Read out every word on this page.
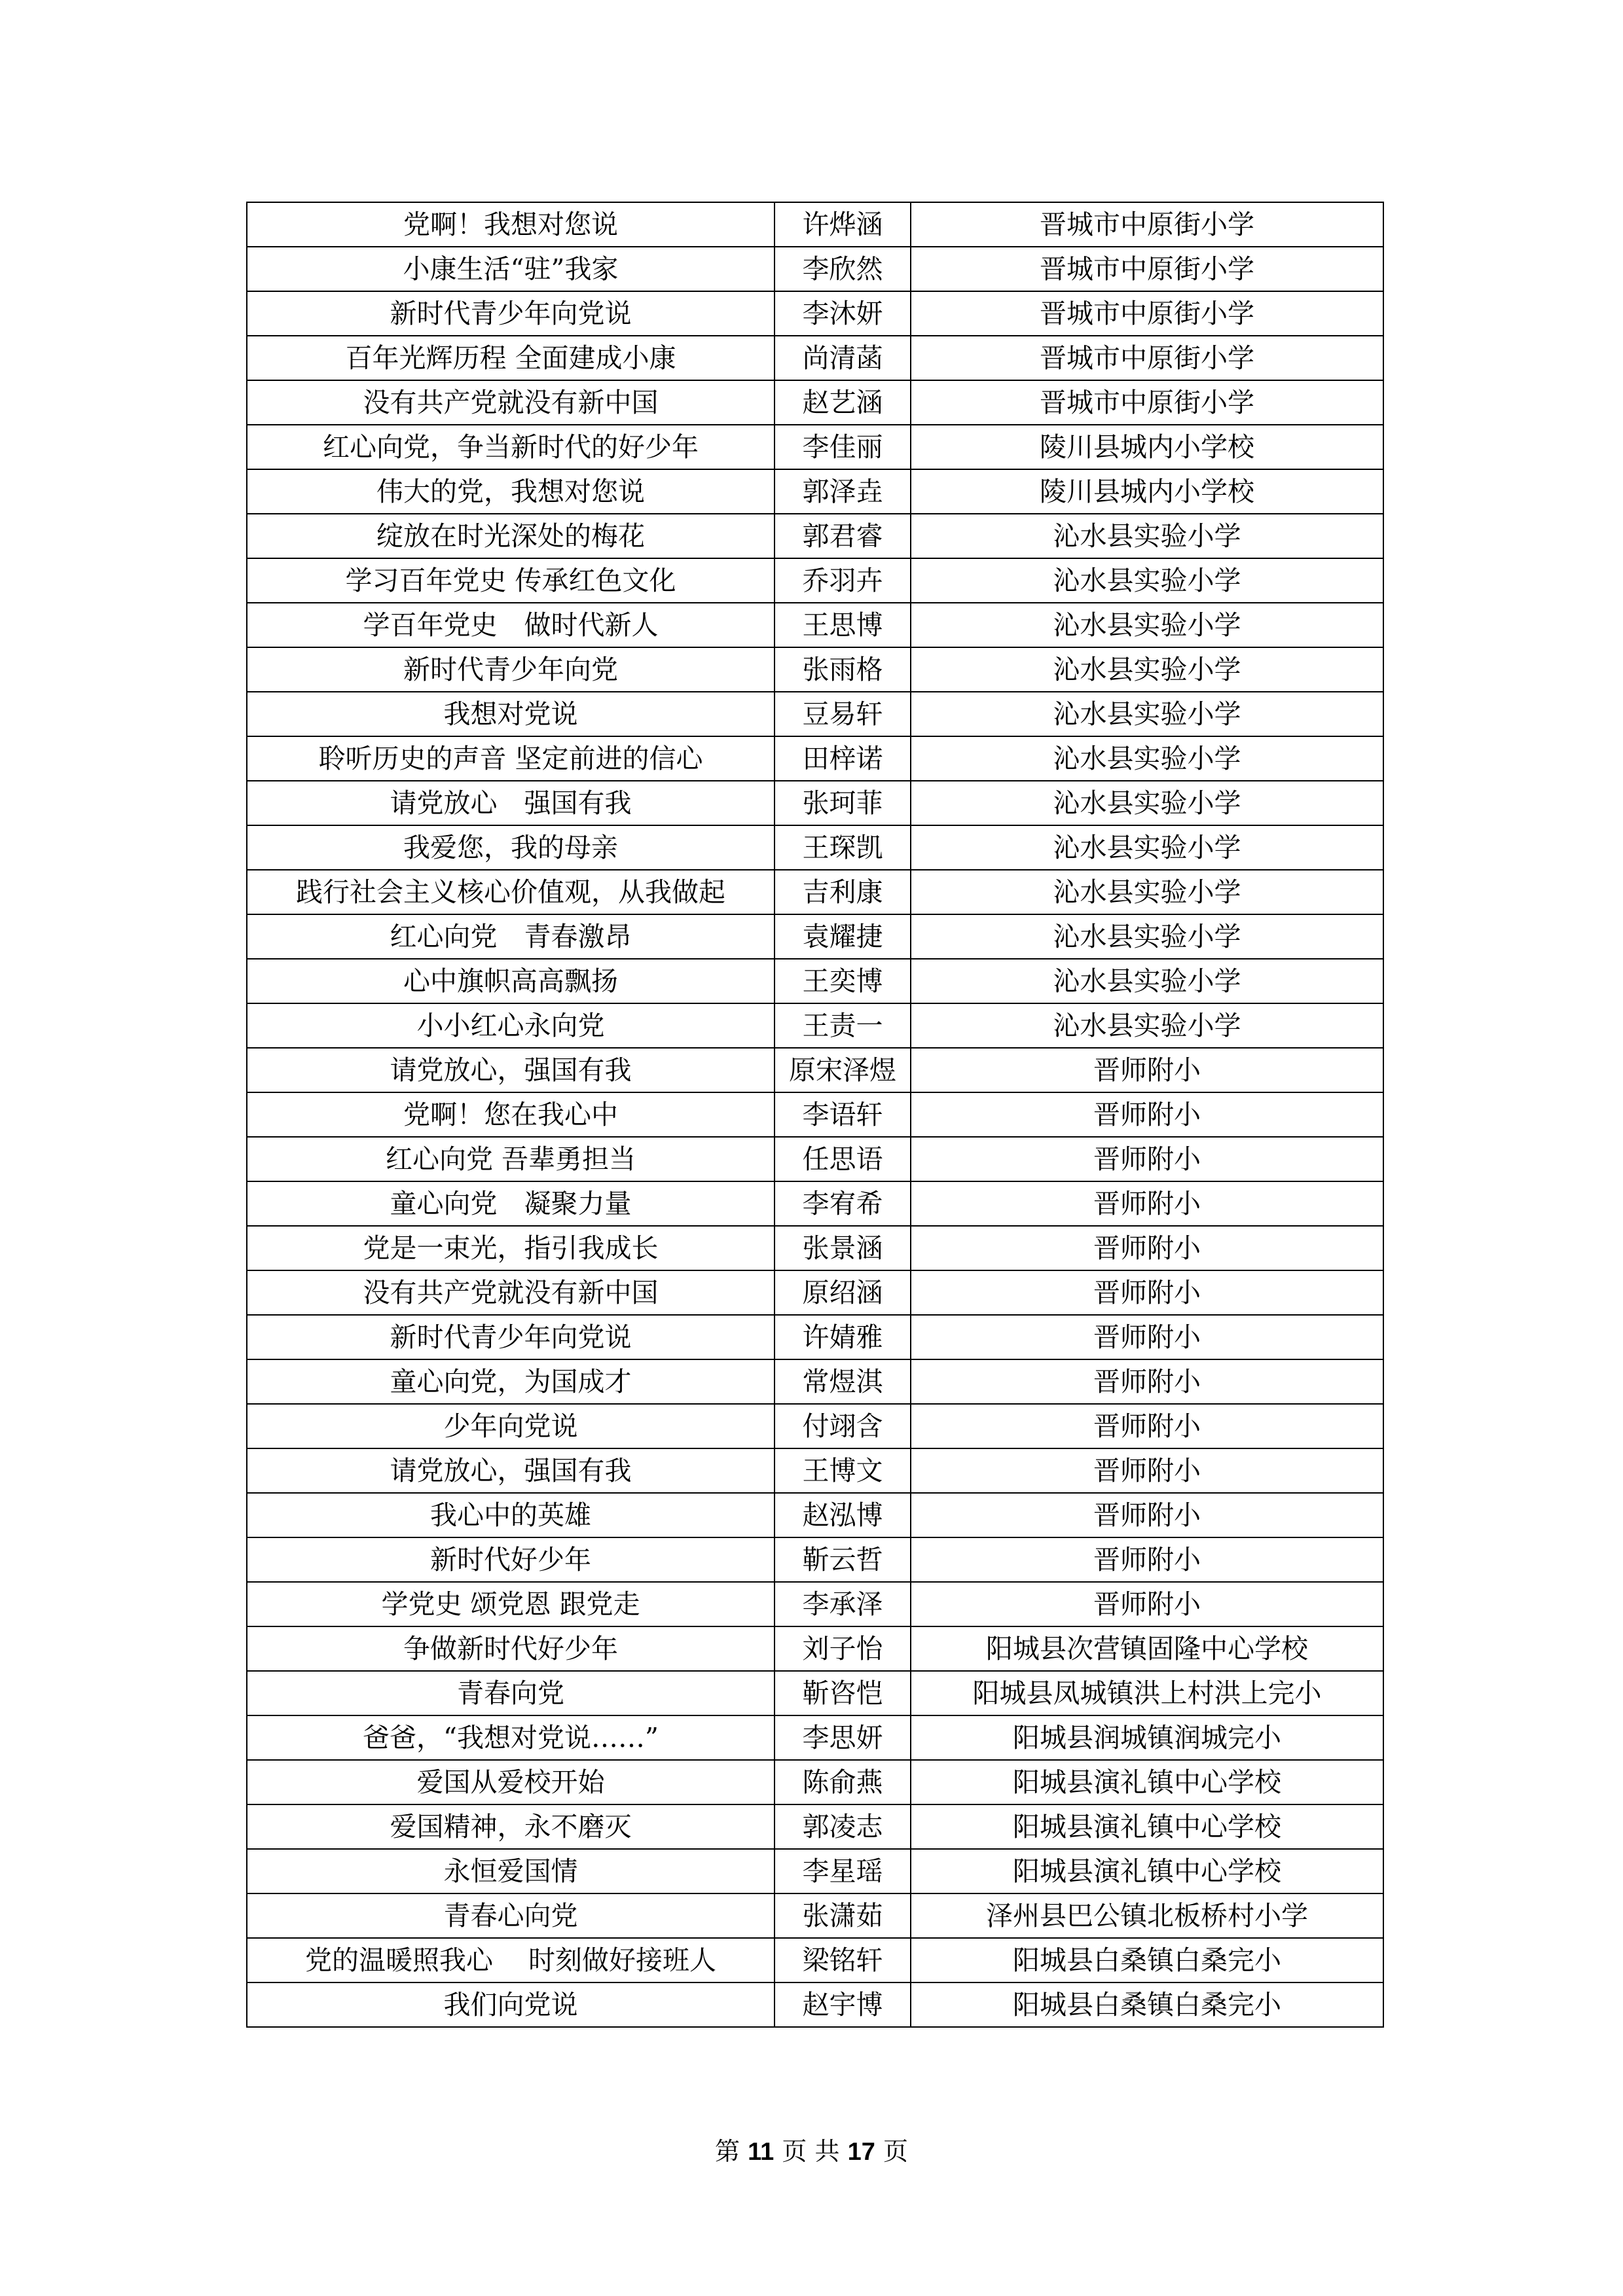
党啊！我想对您说	许烨涵	晋城市中原街小学
小康生活“驻”我家	李欣然	晋城市中原街小学
新时代青少年向党说	李沐妍	晋城市中原街小学
百年光辉历程 全面建成小康	尚清菡	晋城市中原街小学
没有共产党就没有新中国	赵艺涵	晋城市中原街小学
红心向党，争当新时代的好少年	李佳丽	陵川县城内小学校
伟大的党，我想对您说	郭泽垚	陵川县城内小学校
绽放在时光深处的梅花	郭君睿	沁水县实验小学
学习百年党史 传承红色文化	乔羽卉	沁水县实验小学
学百年党史　做时代新人	王思博	沁水县实验小学
新时代青少年向党	张雨格	沁水县实验小学
我想对党说	豆易轩	沁水县实验小学
聆听历史的声音 坚定前进的信心	田梓诺	沁水县实验小学
请党放心　强国有我	张珂菲	沁水县实验小学
我爱您，我的母亲	王琛凯	沁水县实验小学
践行社会主义核心价值观，从我做起	吉利康	沁水县实验小学
红心向党　青春激昂	袁耀捷	沁水县实验小学
心中旗帜高高飘扬	王奕博	沁水县实验小学
小小红心永向党	王责一	沁水县实验小学
请党放心，强国有我	原宋泽煜	晋师附小
党啊！您在我心中	李语轩	晋师附小
红心向党 吾辈勇担当	任思语	晋师附小
童心向党　凝聚力量	李宥希	晋师附小
党是一束光，指引我成长	张景涵	晋师附小
没有共产党就没有新中国	原绍涵	晋师附小
新时代青少年向党说	许婧雅	晋师附小
童心向党，为国成才	常煜淇	晋师附小
少年向党说	付翊含	晋师附小
请党放心，强国有我	王博文	晋师附小
我心中的英雄	赵泓博	晋师附小
新时代好少年	靳云哲	晋师附小
学党史 颂党恩 跟党走	李承泽	晋师附小
争做新时代好少年	刘子怡	阳城县次营镇固隆中心学校
青春向党	靳咨恺	阳城县凤城镇洪上村洪上完小
爸爸，“我想对党说……”	李思妍	阳城县润城镇润城完小
爱国从爱校开始	陈俞燕	阳城县演礼镇中心学校
爱国精神，永不磨灭	郭凌志	阳城县演礼镇中心学校
永恒爱国情	李星瑶	阳城县演礼镇中心学校
青春心向党	张潇茹	泽州县巴公镇北板桥村小学
党的温暖照我心　 时刻做好接班人	梁铭轩	阳城县白桑镇白桑完小
我们向党说	赵宇博	阳城县白桑镇白桑完小
第 11 页 共 17 页
